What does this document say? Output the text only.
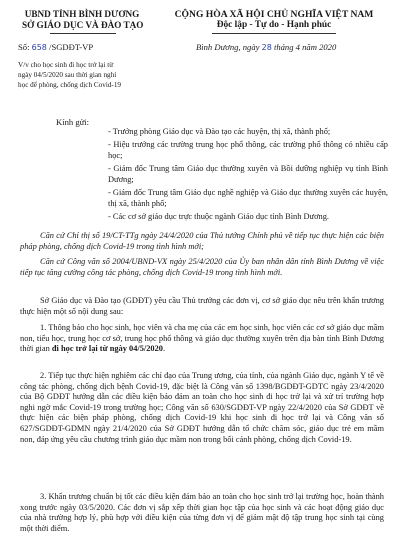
UBND TỈNH BÌNH DƯƠNG
SỞ GIÁO DỤC VÀ ĐÀO TẠO
CỘNG HÒA XÃ HỘI CHỦ NGHĨA VIỆT NAM
Độc lập - Tự do - Hạnh phúc
Số: 658 /SGDĐT-VP	Bình Dương, ngày 28 tháng 4 năm 2020
V/v cho học sinh đi học trở lại từ
ngày 04/5/2020 sau thời gian nghỉ
học để phòng, chống dịch Covid-19
Kính gửi:
- Trưởng phòng Giáo dục và Đào tạo các huyện, thị xã, thành phố;
- Hiệu trưởng các trường trung học phổ thông, các trường phổ thông có nhiều cấp học;
- Giám đốc Trung tâm Giáo dục thường xuyên và Bồi dưỡng nghiệp vụ tỉnh Bình Dương;
- Giám đốc Trung tâm Giáo dục nghề nghiệp và Giáo dục thường xuyên các huyện, thị xã, thành phố;
- Các cơ sở giáo dục trực thuộc ngành Giáo dục tỉnh Bình Dương.
Căn cứ Chỉ thị số 19/CT-TTg ngày 24/4/2020 của Thủ tướng Chính phủ về tiếp tục thực hiện các biện pháp phòng, chống dịch Covid-19 trong tình hình mới;
Căn cứ Công văn số 2004/UBND-VX ngày 25/4/2020 của Ủy ban nhân dân tỉnh Bình Dương về việc tiếp tục tăng cường công tác phòng, chống dịch Covid-19 trong tình hình mới.
Sở Giáo dục và Đào tạo (GDĐT) yêu cầu Thủ trưởng các đơn vị, cơ sở giáo dục nêu trên khẩn trương thực hiện một số nội dung sau:
1. Thông báo cho học sinh, học viên và cha mẹ của các em học sinh, học viên các cơ sở giáo dục mầm non, tiểu học, trung học cơ sở, trung học phổ thông và giáo dục thường xuyên trên địa bàn tỉnh Bình Dương thời gian đi học trở lại từ ngày 04/5/2020.
2. Tiếp tục thực hiện nghiêm các chỉ đạo của Trung ương, của tỉnh, của ngành Giáo dục, ngành Y tế về công tác phòng, chống dịch bệnh Covid-19, đặc biệt là Công văn số 1398/BGDĐT-GDTC ngày 23/4/2020 của Bộ GDĐT hướng dẫn các điều kiện bảo đảm an toàn cho học sinh đi học trở lại và xử trí trường hợp nghi ngờ mắc Covid-19 trong trường học; Công văn số 630/SGDĐT-VP ngày 22/4/2020 của Sở GDĐT về thực hiện các biện pháp phòng, chống dịch Covid-19 khi học sinh đi học trở lại và Công văn số 627/SGDĐT-GDMN ngày 21/4/2020 của Sở GDĐT hướng dẫn tổ chức chăm sóc, giáo dục trẻ em mầm non, đáp ứng yêu cầu chương trình giáo dục mầm non trong bối cảnh phòng, chống dịch Covid-19.
3. Khẩn trương chuẩn bị tốt các điều kiện đảm bảo an toàn cho học sinh trở lại trường học, hoàn thành xong trước ngày 03/5/2020. Các đơn vị sắp xếp thời gian học tập của học sinh và các hoạt động giáo dục của nhà trường hợp lý, phù hợp với điều kiện của từng đơn vị để giảm mật độ tập trung học sinh tại cùng một thời điểm.
